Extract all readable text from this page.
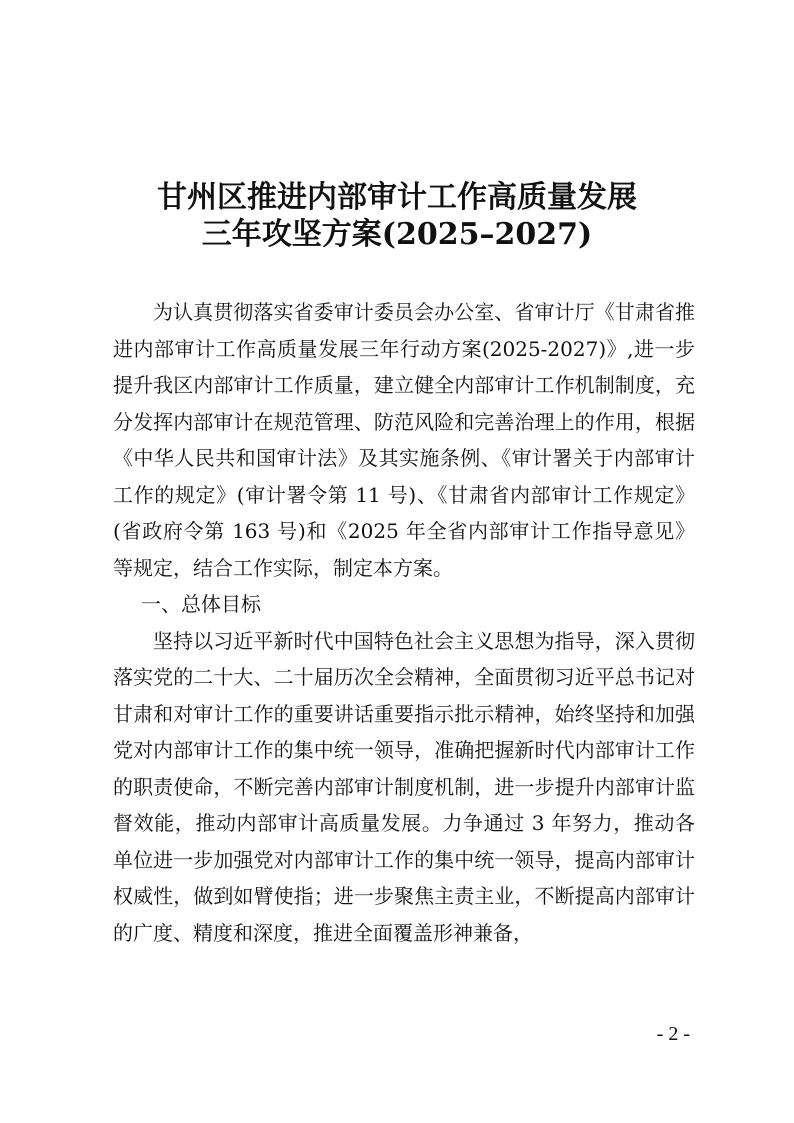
甘州区推进内部审计工作高质量发展
三年攻坚方案(2025–2027)

为认真贯彻落实省委审计委员会办公室、省审计厅《甘肃省推进内部审计工作高质量发展三年行动方案(2025-2027)》,进一步提升我区内部审计工作质量，建立健全内部审计工作机制制度，充分发挥内部审计在规范管理、防范风险和完善治理上的作用，根据《中华人民共和国审计法》及其实施条例、《审计署关于内部审计工作的规定》(审计署令第 11 号)、《甘肃省内部审计工作规定》(省政府令第 163 号)和《2025 年全省内部审计工作指导意见》等规定，结合工作实际，制定本方案。

一、总体目标

坚持以习近平新时代中国特色社会主义思想为指导，深入贯彻落实党的二十大、二十届历次全会精神，全面贯彻习近平总书记对甘肃和对审计工作的重要讲话重要指示批示精神，始终坚持和加强党对内部审计工作的集中统一领导，准确把握新时代内部审计工作的职责使命，不断完善内部审计制度机制，进一步提升内部审计监督效能，推动内部审计高质量发展。力争通过 3 年努力，推动各单位进一步加强党对内部审计工作的集中统一领导，提高内部审计权威性，做到如臂使指；进一步聚焦主责主业，不断提高内部审计的广度、精度和深度，推进全面覆盖形神兼备，

- 2 -
